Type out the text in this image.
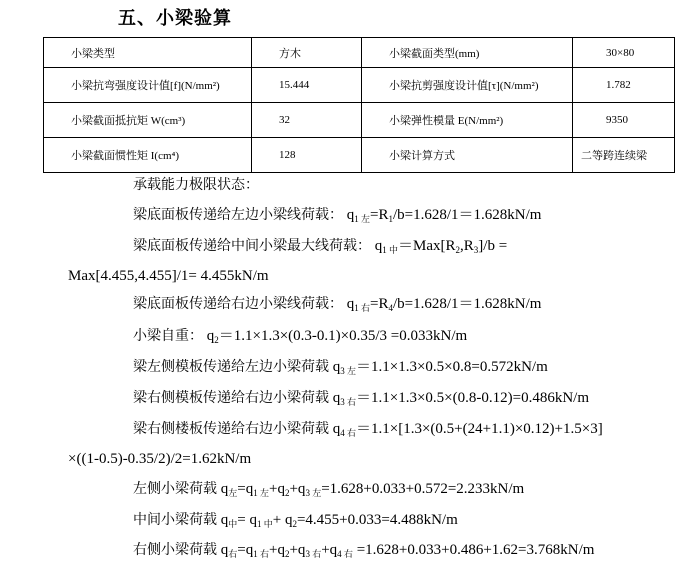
五、小梁验算
小梁类型	方木	小梁截面类型(mm)	30×80
小梁抗弯强度设计值[f](N/mm²)	15.444	小梁抗剪强度设计值[τ](N/mm²)	1.782
小梁截面抵抗矩 W(cm³)	32	小梁弹性模量 E(N/mm²)	9350
小梁截面惯性矩 I(cm⁴)	128	小梁计算方式	二等跨连续梁
承载能力极限状态：
梁底面板传递给左边小梁线荷载： $q_{1 左}=R_1/b=1.628/1=1.628kN/m$
梁底面板传递给中间小梁最大线荷载： $q_{1 中}=Max[R_2,R_3]/b$ =
Max[4.455,4.455]/1= 4.455kN/m
梁底面板传递给右边小梁线荷载： $q_{1 右}=R_4/b=1.628/1=1.628kN/m$
小梁自重： $q_2=1.1\times 1.3\times(0.3-0.1)\times 0.35/3 =0.033kN/m$
梁左侧模板传递给左边小梁荷载 $q_{3 左}=1.1\times 1.3\times 0.5\times 0.8=0.572kN/m$
梁右侧模板传递给右边小梁荷载 $q_{3 右}=1.1\times 1.3\times 0.5\times(0.8-0.12)=0.486kN/m$
梁右侧楼板传递给右边小梁荷载 $q_{4 右}=1.1\times[1.3\times(0.5+(24+1.1)\times 0.12)+1.5\times 3]$
×((1-0.5)-0.35/2)/2=1.62kN/m
左侧小梁荷载 $q_左=q_{1 左}+q_2+q_{3 左}=1.628+0.033+0.572=2.233kN/m$
中间小梁荷载 $q_中= q_{1 中}+ q_2=4.455+0.033=4.488kN/m$
右侧小梁荷载 $q_右=q_{1 右}+q_2+q_{3 右}+q_{4 右} =1.628+0.033+0.486+1.62=3.768kN/m$
